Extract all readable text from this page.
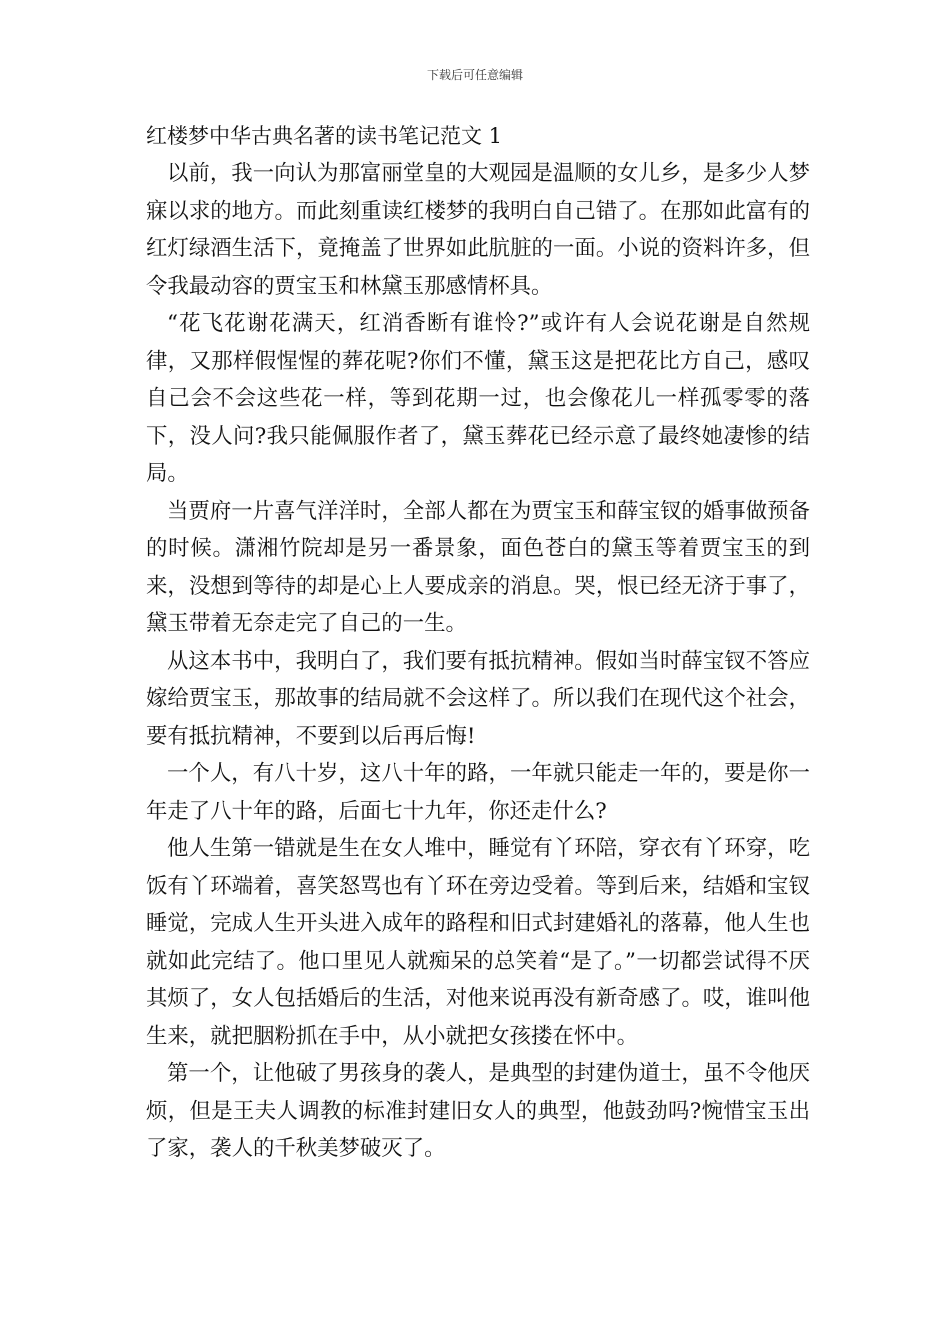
下载后可任意编辑
红楼梦中华古典名著的读书笔记范文 1

以前，我一向认为那富丽堂皇的大观园是温顺的女儿乡，是多少人梦寐以求的地方。而此刻重读红楼梦的我明白自己错了。在那如此富有的红灯绿酒生活下，竟掩盖了世界如此肮脏的一面。小说的资料许多，但令我最动容的贾宝玉和林黛玉那感情杯具。

“花飞花谢花满天，红消香断有谁怜?”或许有人会说花谢是自然规律，又那样假惺惺的葬花呢?你们不懂，黛玉这是把花比方自己，感叹自己会不会这些花一样，等到花期一过，也会像花儿一样孤零零的落下，没人问?我只能佩服作者了，黛玉葬花已经示意了最终她凄惨的结局。

当贾府一片喜气洋洋时，全部人都在为贾宝玉和薛宝钗的婚事做预备的时候。潇湘竹院却是另一番景象，面色苍白的黛玉等着贾宝玉的到来，没想到等待的却是心上人要成亲的消息。哭，恨已经无济于事了，黛玉带着无奈走完了自己的一生。

从这本书中，我明白了，我们要有抵抗精神。假如当时薛宝钗不答应嫁给贾宝玉，那故事的结局就不会这样了。所以我们在现代这个社会，要有抵抗精神，不要到以后再后悔!

一个人，有八十岁，这八十年的路，一年就只能走一年的，要是你一年走了八十年的路，后面七十九年，你还走什么?

他人生第一错就是生在女人堆中，睡觉有丫环陪，穿衣有丫环穿，吃饭有丫环端着，喜笑怒骂也有丫环在旁边受着。等到后来，结婚和宝钗睡觉，完成人生开头进入成年的路程和旧式封建婚礼的落幕，他人生也就如此完结了。他口里见人就痴呆的总笑着“是了。”一切都尝试得不厌其烦了，女人包括婚后的生活，对他来说再没有新奇感了。哎，谁叫他生来，就把胭粉抓在手中，从小就把女孩搂在怀中。

第一个，让他破了男孩身的袭人，是典型的封建伪道士，虽不令他厌烦，但是王夫人调教的标准封建旧女人的典型，他鼓劲吗?惋惜宝玉出了家，袭人的千秋美梦破灭了。
